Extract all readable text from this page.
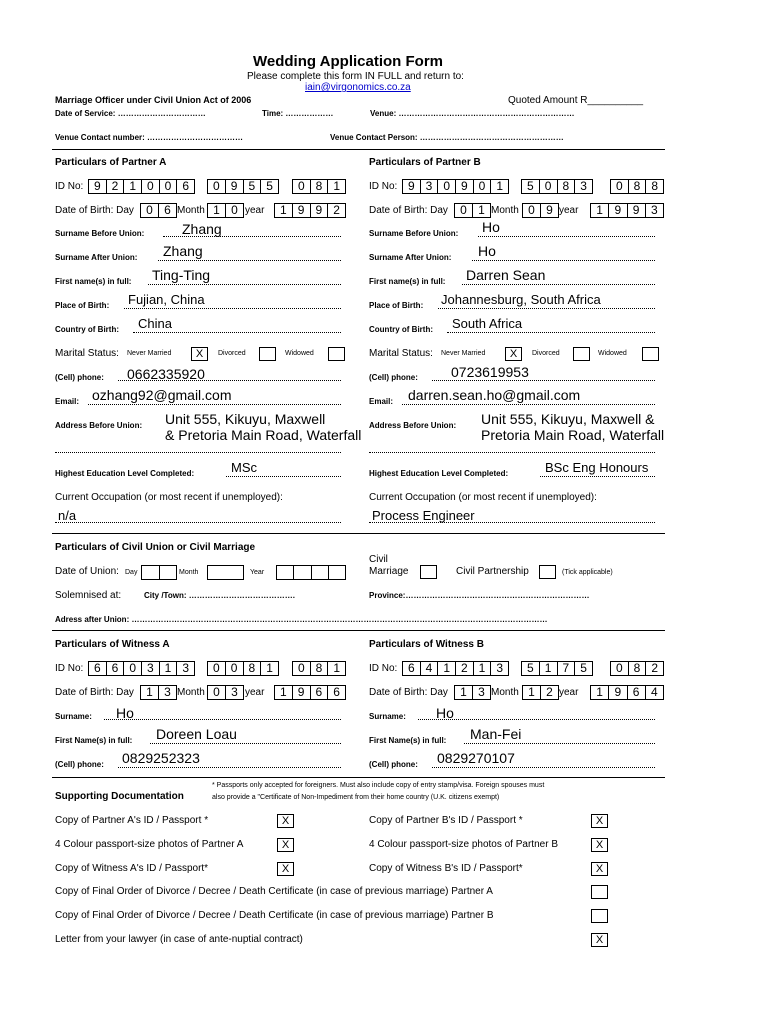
Wedding Application Form
Please complete this form IN FULL and return to:
iain@virgonomics.co.za
Marriage Officer under Civil Union Act of 2006	Quoted Amount R__________
Date of Service: ……………………………	Time: ………………	Venue: …………………………………………………………
Venue Contact number: ………………………………	Venue Contact Person: ………………………………………………
Particulars of Partner A
ID No: 9 2 1 0 0 6	0 9 5 5	0 8 1
Date of Birth: Day	0 6 Month 1 0 year	1 9 9 2
Surname Before Union:	Zhang
Surname After Union: Zhang
First name(s) in full: Ting-Ting
Place of Birth: Fujian, China
Country of Birth: China
Marital Status: Never Married	X	Divorced	Widowed
(Cell) phone: 0662335920
Email: ozhang92@gmail.com
Address Before Union: Unit 555, Kikuyu, Maxwell
& Pretoria Main Road, Waterfall
Highest Education Level Completed:	MSc
Current Occupation (or most recent if unemployed):
n/a
Particulars of Partner B
ID No: 9 3 0 9 0 1	5 0 8 3	0 8 8
Date of Birth: Day	0 1 Month 0 9 year	1 9 9 3
Surname Before Union: Ho
Surname After Union: Ho
First name(s) in full: Darren Sean
Place of Birth: Johannesburg, South Africa
Country of Birth: South Africa
Marital Status: Never Married	X	Divorced	Widowed
(Cell) phone: 0723619953
Email: darren.sean.ho@gmail.com
Address Before Union: Unit 555, Kikuyu, Maxwell &
Pretoria Main Road, Waterfall
Highest Education Level Completed:	BSc Eng Honours
Current Occupation (or most recent if unemployed):
Process Engineer
Particulars of Civil Union or Civil Marriage
Date of Union: Day	Month	Year
Civil
Marriage	Civil Partnership	(Tick applicable)
Solemnised at:	City /Town: ………………………………….	Province:……………………………………………………………
Adress after Union: …………………………………………………………………………………………………………………………………………
Particulars of Witness A
ID No: 6 6 0 3 1 3	0 0 8 1	0 8 1
Date of Birth: Day	1 3 Month 0 3 year	1 9 6 6
Surname: Ho
First Name(s) in full: Doreen Loau
(Cell) phone: 0829252323
Particulars of Witness B
ID No: 6 4 1 2 1 3	5 1 7 5	0 8 2
Date of Birth: Day	1 3 Month 1 2 year	1 9 6 4
Surname: Ho
First Name(s) in full: Man-Fei
(Cell) phone: 0829270107
* Passports only accepted for foreigners. Must also include copy of entry stamp/visa. Foreign spouses must
Supporting Documentation	also provide a "Certificate of Non-Impediment from their home country (U.K. citizens exempt)
Copy of Partner A's ID / Passport *	X	Copy of Partner B's ID / Passport *	X
4 Colour passport-size photos of Partner A	X	4 Colour passport-size photos of Partner B	X
Copy of Witness A's ID / Passport*	X	Copy of Witness B's ID / Passport*	X
Copy of Final Order of Divorce / Decree / Death Certificate (in case of previous marriage) Partner A
Copy of Final Order of Divorce / Decree / Death Certificate (in case of previous marriage) Partner B
Letter from your lawyer (in case of ante-nuptial contract)	X
